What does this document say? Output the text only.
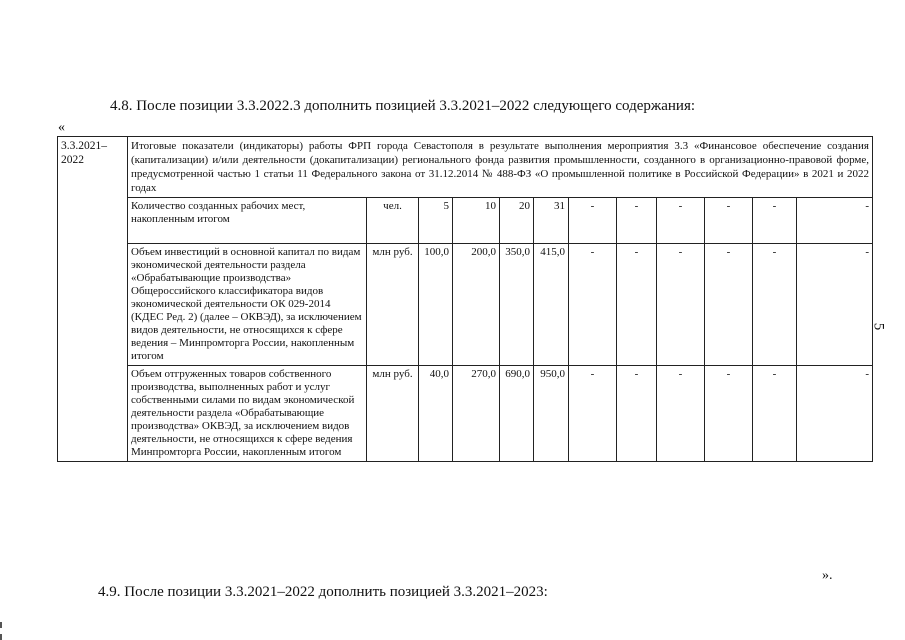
4.8. После позиции 3.3.2022.3 дополнить позицией 3.3.2021–2022 следующего содержания:
«
3.3.2021–
2022	Итоговые показатели (индикаторы) работы ФРП города Севастополя в результате выполнения мероприятия 3.3 «Финансовое обеспечение создания (капитализации) и/или деятельности (докапитализации) регионального фонда развития промышленности, созданного в организационно-правовой форме, предусмотренной частью 1 статьи 11 Федерального закона от 31.12.2014 № 488-ФЗ «О промышленной политике в Российской Федерации» в 2021 и 2022 годах											
	Количество созданных рабочих мест, накопленным итогом	чел.	5	10	20	31	-	-	-	-	-	-
	Объем инвестиций в основной капитал по видам экономической деятельности раздела «Обрабатывающие производства» Общероссийского классификатора видов экономической деятельности ОК 029-2014 (КДЕС Ред. 2) (далее – ОКВЭД), за исключением видов деятельности, не относящихся к сфере ведения – Минпромторга России, накопленным итогом	млн руб.	100,0	200,0	350,0	415,0	-	-	-	-	-	-
	Объем отгруженных товаров собственного производства, выполненных работ и услуг собственными силами по видам экономической деятельности раздела «Обрабатывающие производства» ОКВЭД, за исключением видов деятельности, не относящихся к сфере ведения Минпромторга России, накопленным итогом	млн руб.	40,0	270,0	690,0	950,0	-	-	-	-	-	-
».
4.9. После позиции 3.3.2021–2022 дополнить позицией 3.3.2021–2023:
5
